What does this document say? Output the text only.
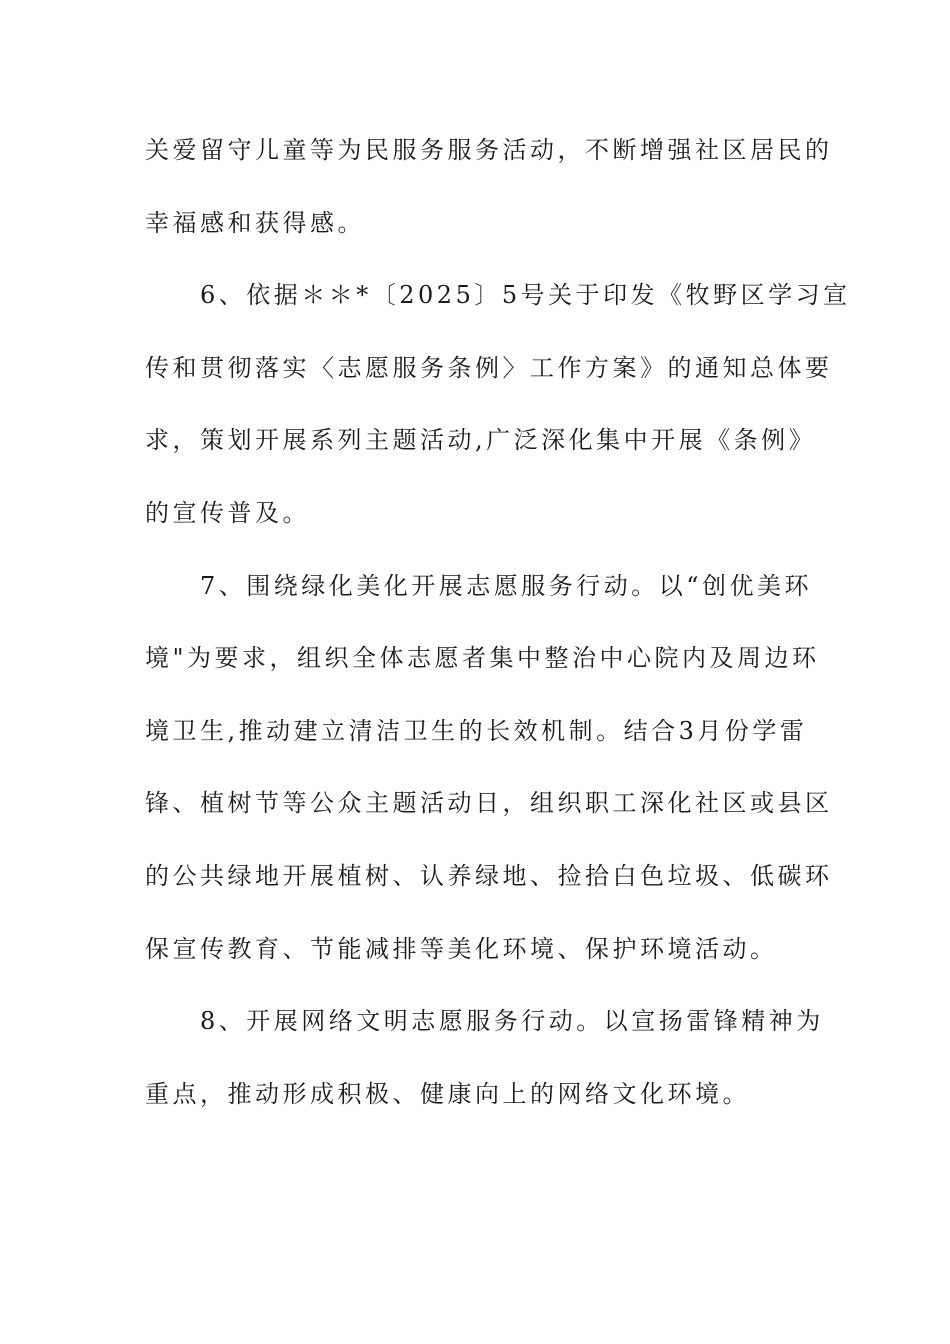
关爱留守儿童等为民服务服务活动，不断增强社区居民的
幸福感和获得感。
　　6、依据＊＊*〔2025〕5号关于印发《牧野区学习宣
传和贯彻落实〈志愿服务条例〉工作方案》的通知总体要
求，策划开展系列主题活动,广泛深化集中开展《条例》
的宣传普及。
　　7、围绕绿化美化开展志愿服务行动。以“创优美环
境"为要求，组织全体志愿者集中整治中心院内及周边环
境卫生,推动建立清洁卫生的长效机制。结合3月份学雷
锋、植树节等公众主题活动日，组织职工深化社区或县区
的公共绿地开展植树、认养绿地、捡拾白色垃圾、低碳环
保宣传教育、节能减排等美化环境、保护环境活动。
　　8、开展网络文明志愿服务行动。以宣扬雷锋精神为
重点，推动形成积极、健康向上的网络文化环境。
